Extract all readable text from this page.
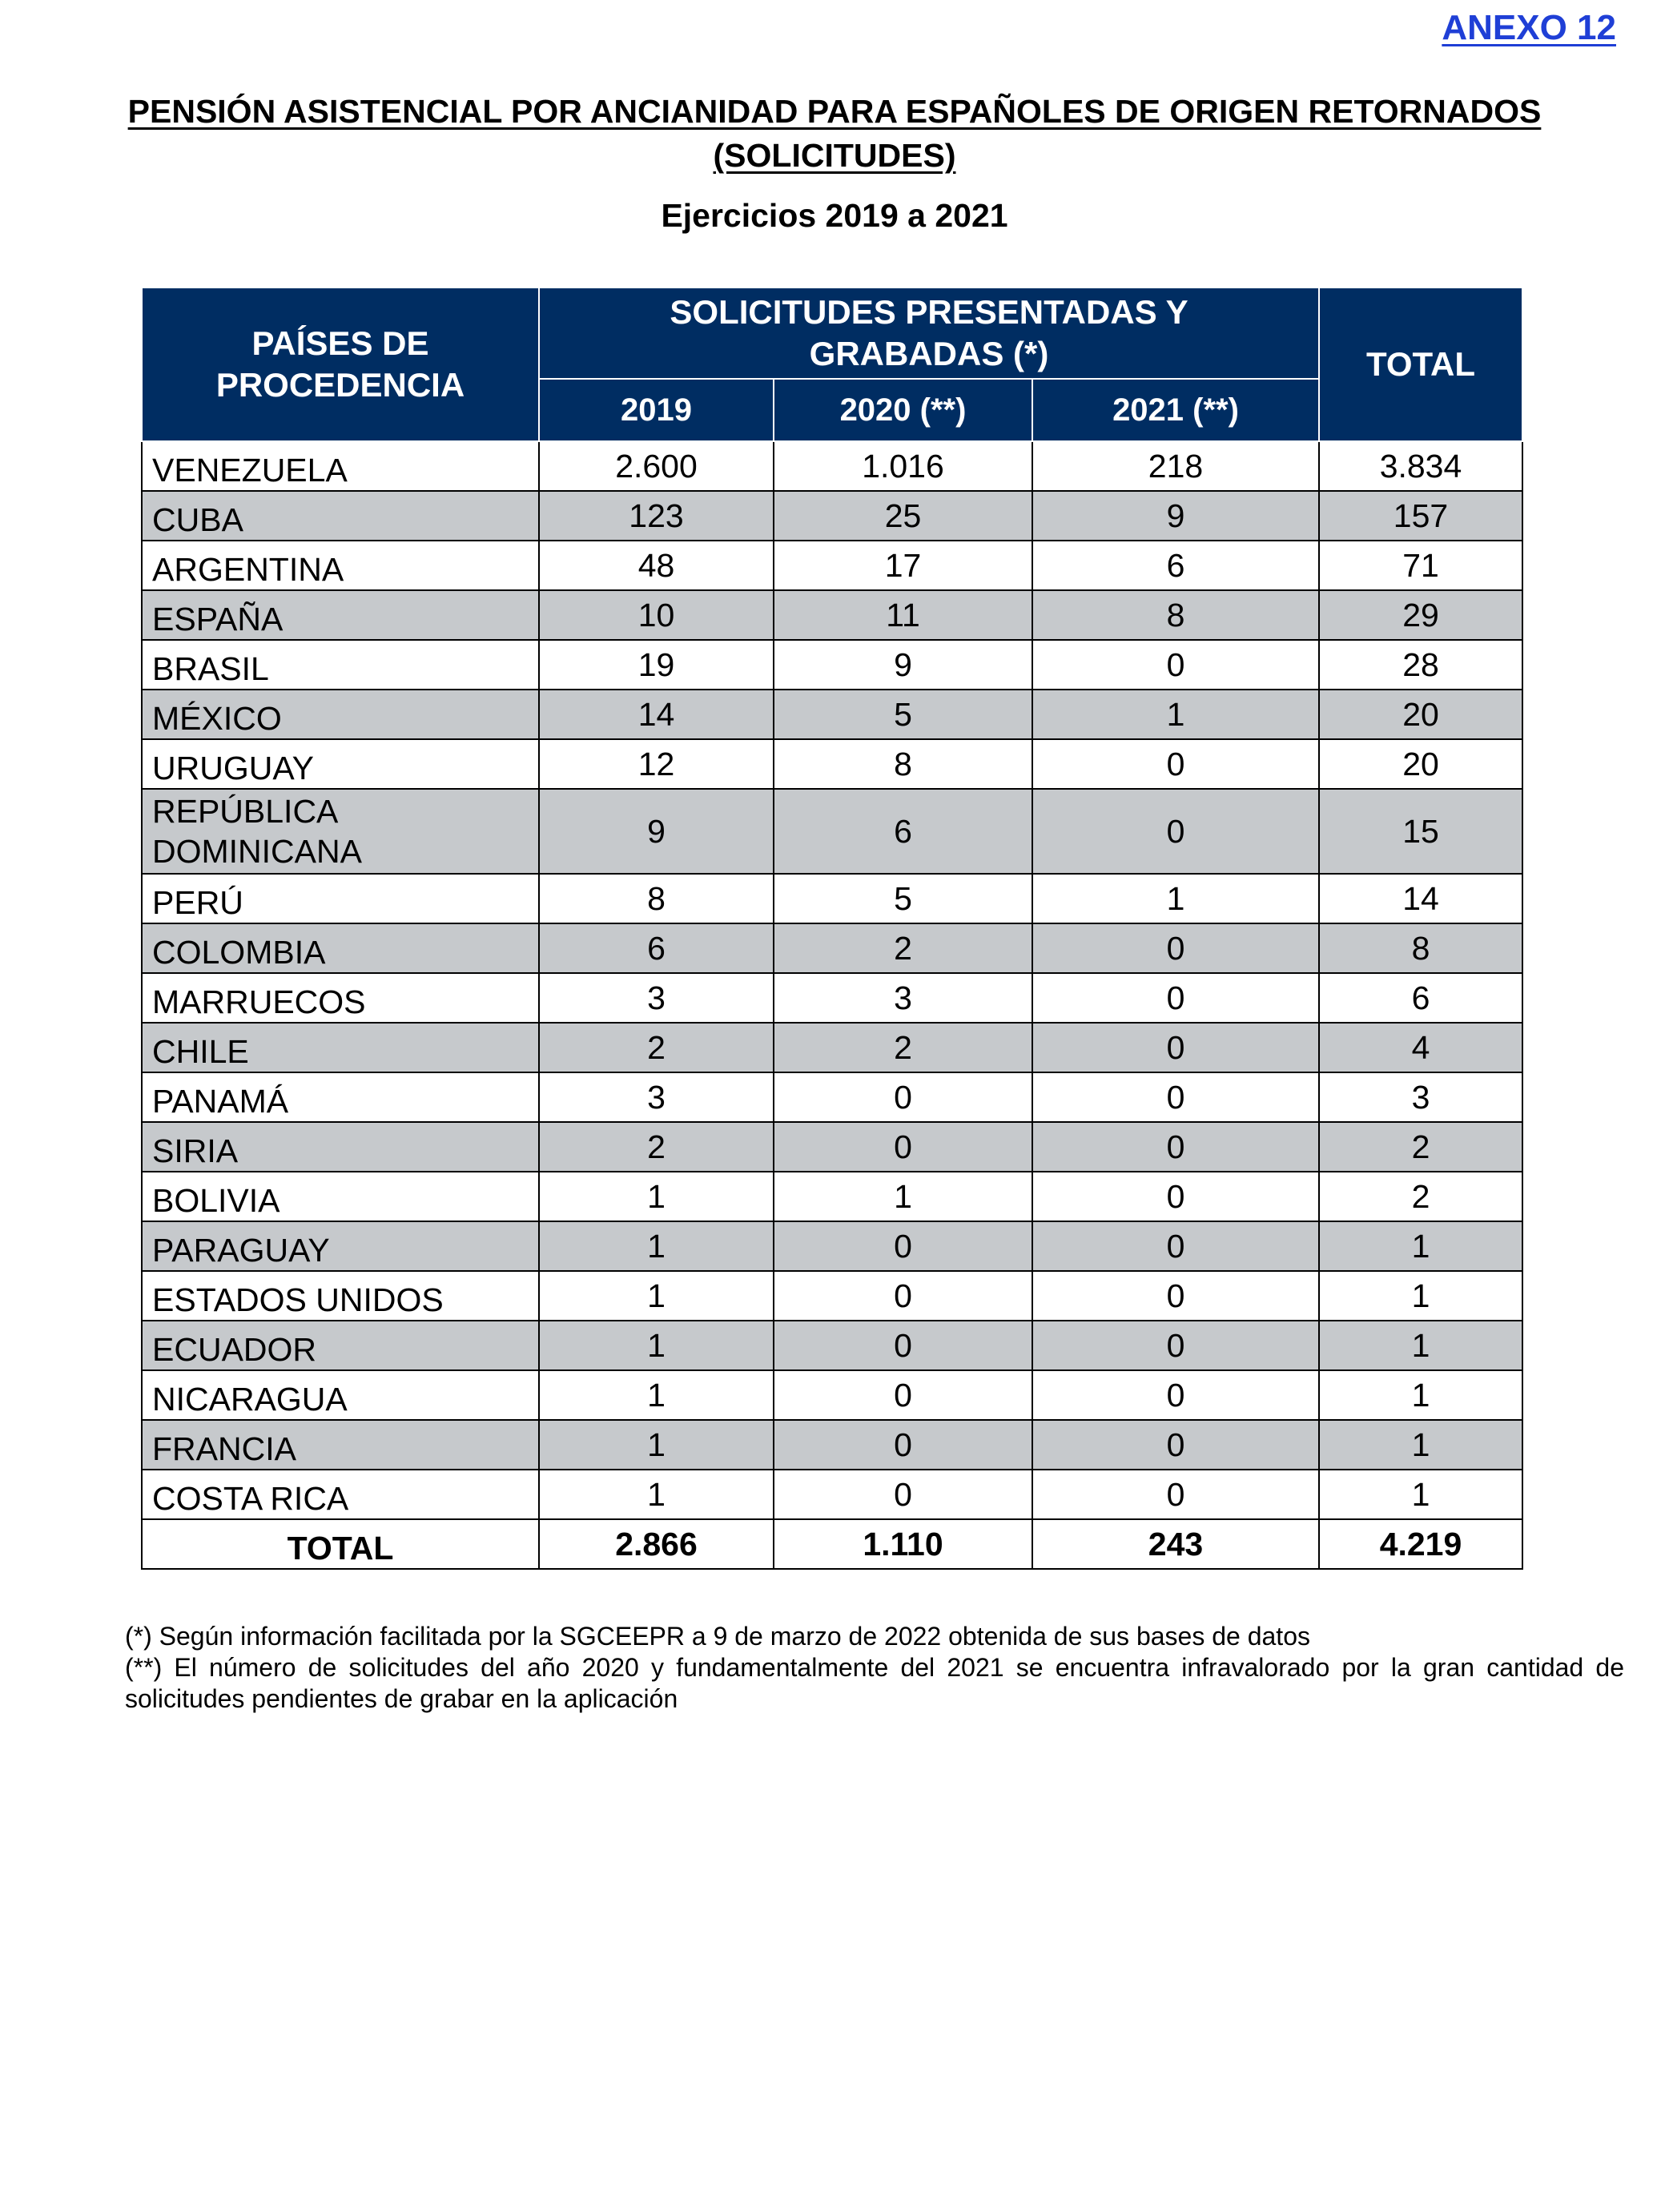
ANEXO 12
PENSIÓN ASISTENCIAL POR ANCIANIDAD PARA ESPAÑOLES DE ORIGEN RETORNADOS
(SOLICITUDES)
Ejercicios 2019 a 2021
PAÍSES DE
PROCEDENCIA	SOLICITUDES PRESENTADAS Y
GRABADAS (*)			TOTAL
	2019	2020 (**)	2021 (**)	
VENEZUELA	2.600	1.016	218	3.834
CUBA	123	25	9	157
ARGENTINA	48	17	6	71
ESPAÑA	10	11	8	29
BRASIL	19	9	0	28
MÉXICO	14	5	1	20
URUGUAY	12	8	0	20
REPÚBLICA
DOMINICANA	9	6	0	15
PERÚ	8	5	1	14
COLOMBIA	6	2	0	8
MARRUECOS	3	3	0	6
CHILE	2	2	0	4
PANAMÁ	3	0	0	3
SIRIA	2	0	0	2
BOLIVIA	1	1	0	2
PARAGUAY	1	0	0	1
ESTADOS UNIDOS	1	0	0	1
ECUADOR	1	0	0	1
NICARAGUA	1	0	0	1
FRANCIA	1	0	0	1
COSTA RICA	1	0	0	1
TOTAL	2.866	1.110	243	4.219

(*) Según información facilitada por la SGCEEPR a 9 de marzo de 2022 obtenida de sus bases de datos

(**) El número de solicitudes del año 2020 y fundamentalmente del 2021 se encuentra infravalorado por la gran cantidad de solicitudes pendientes de grabar en la aplicación
